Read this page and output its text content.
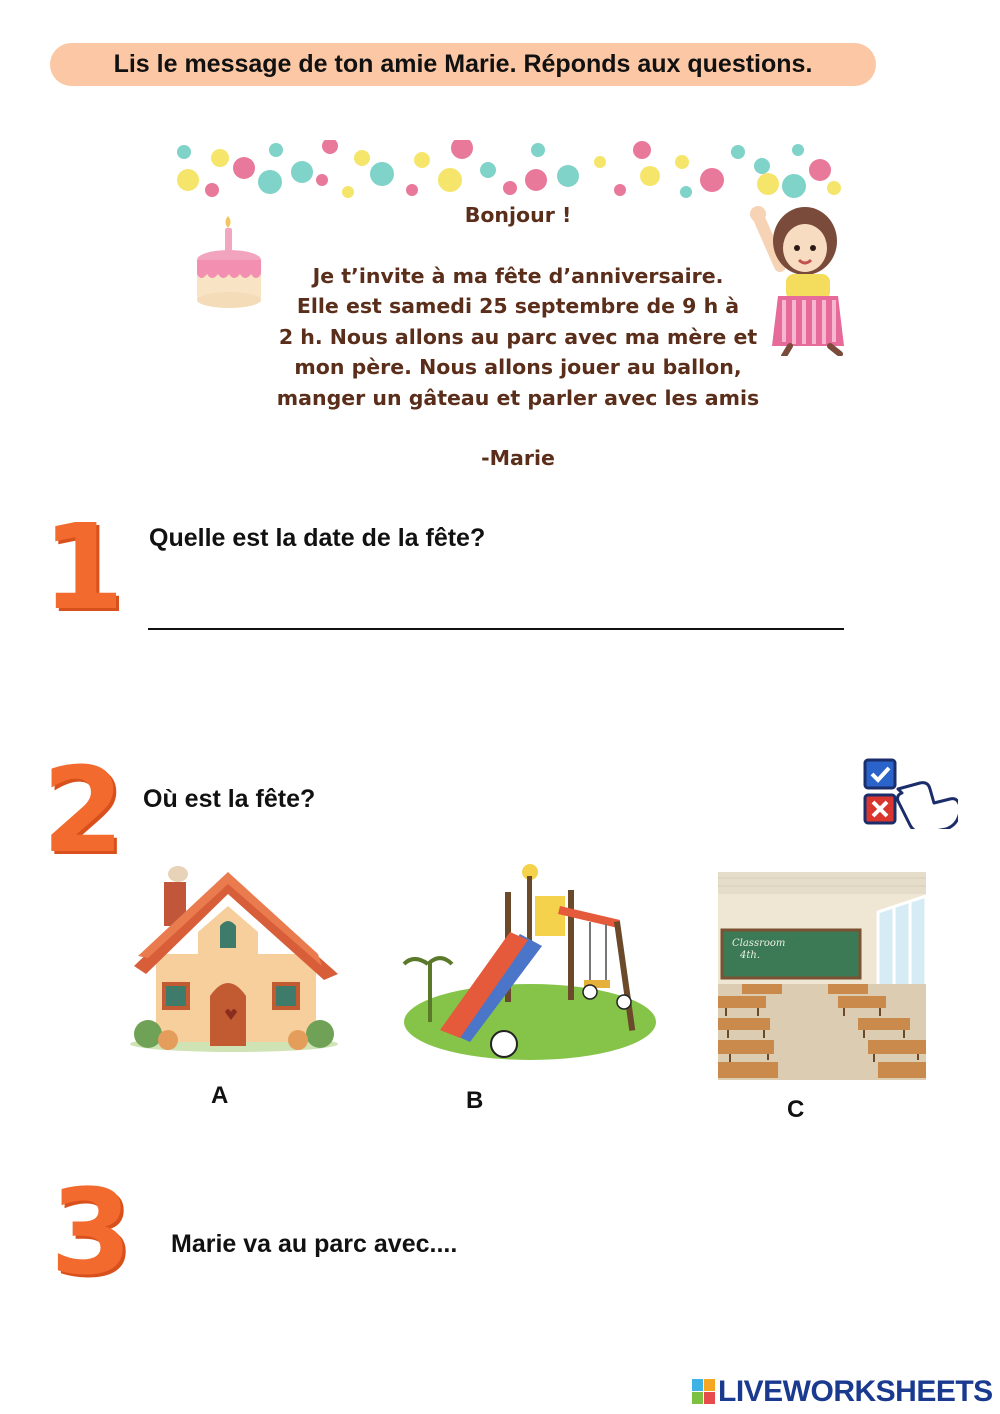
Lis le message de ton amie Marie. Réponds aux questions.
Bonjour !
Je t’invite à ma fête d’anniversaire.
Elle est samedi 25 septembre de 9 h à
2 h. Nous allons au parc avec ma mère et
mon père. Nous allons jouer au ballon,
manger un gâteau et parler avec les amis
-Marie
1 Quelle est la date de la fête?
2 Où est la fête?
A	B
Classroom
4th.
C
3 Marie va au parc avec....
LIVEWORKSHEETS
